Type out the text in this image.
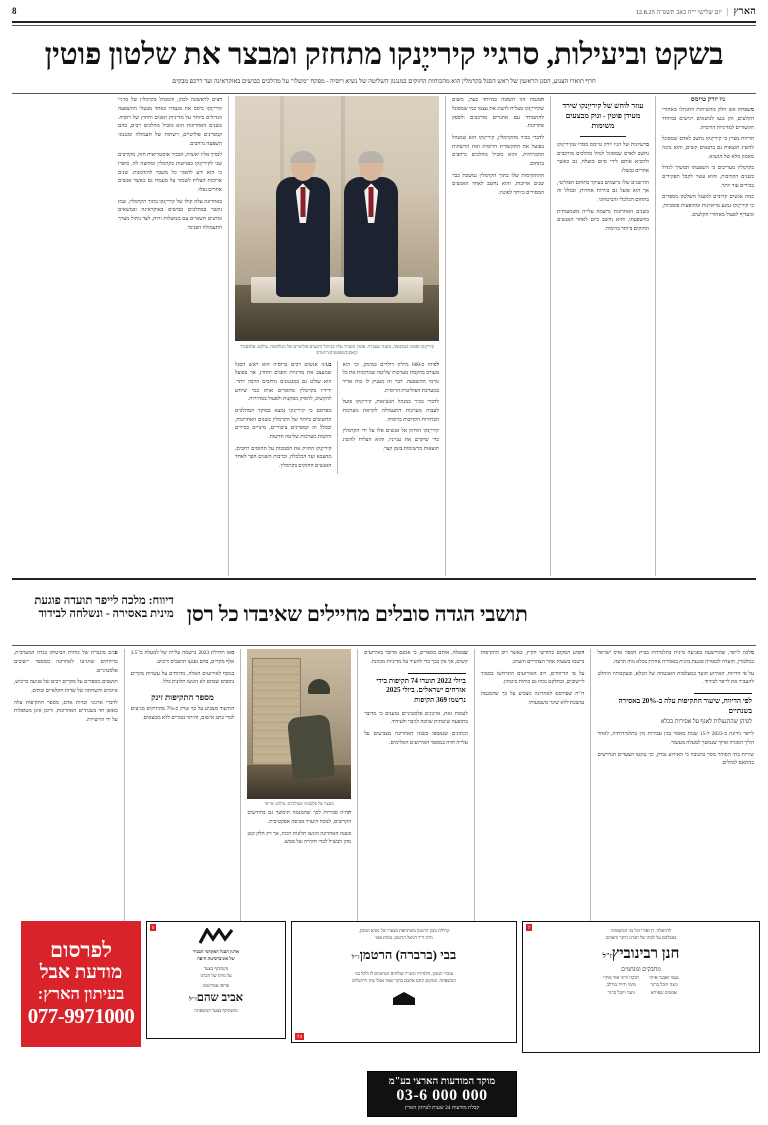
הארץ
|
יום שלישי י"ח באב תשפ"ה 12.8.25
8
בשקט וביעילות, סרגיי קירייֶנקו מתחזק ומבצר את שלטון פוטין
חרף תוארו הצנוע, הסגן הראשון של ראש הסגל בקרמלין הוא מהכוחות החזקים במנגנון השליטה של נשיא רוסיה - מפקח "משלו" על מהלכים כבושים באוקראינה ועד דרכפ מבקים
ניו יורק טיימס

משפחת אש חלק מהשיחות התנהלו מאחורי הקלעים, והן נגעו לנושאים רגישים במיוחד הקשורים למדיניות הרוסית.

הדיווח מציין כי קירייֶנקו נחשב לאדם שמסוגל להשיג תוצאות גם בתנאים קשים, והוא נהנה מאמון מלא של הנשיא.

בקרמלין מעריכים כי השפעתו תמשיך לגדול בשנים הקרובות, והוא עשוי לקבל תפקידים בכירים עוד יותר.

כמה אנשים קרובים למעגל השלטון מספרים כי קירייֶנקו נמנע מראיונות ומהופעות פומביות, ומעדיף לפעול מאחורי הקלעים.

עוזר לוחש של קירייֶנקו שירד מעידן פוטין - ונוק מבצעים משימות

ברשיונות של הניו יורק טיימס מסרו שקירייֶנקו נחשב לאדם שמסוגל לנהל מהלכים מורכבים ולהביא אותם לידי סיום מוצלח, גם כאשר אחרים נכשלו.

ההישגים שלו נרשמים בעיקר בתחום הפוליטי, אך הוא פועל גם בזירות אחרות, ובכלל זה בתחום הכלכלי והביטחוני.

בשנים האחרונות נרשמה עלייה משמעותית בהשפעתו, והוא נחשב כיום לאחד האנשים החזקים ביותר ברוסיה.

המגמה הזו חשובה במיוחד כעת, משום שקירייֶנקו מצליח להציג את עצמו כמי שמסוגל להתמודד עם אתגרים מורכבים ולספק פתרונות.

לדברי בכיר מהקרמלין, קירייֶנקו הוא שמנהל בפועל את התקשורת הרוסית ואת הרשתות החברתיות, והוא מוביל מהלכים נרחבים בתחום.

ההתקדמות שלו בתוך הקרמלין נמשכת כבר שנים ארוכות, והוא נחשב לאחד האנשים המסורים ביותר לפוטין.

קירייֶנקו ופוטין בנסקוצה, בשנה שעברה. פוטין הסמיך עליו בניהול היבטים פוליטיים של המלחמה. צילום: אלכסנדר קזאקוב/ספוטניק/רויטרס

לפיהו כ-600 מיליון דולרים במימון, וכי הוא מעורב בהקמת מערכות שליטה שמרכזות את כל גורמי ההשפעה. דבר זה מעניק לו כוח אדיר במערכת הפוליטית הרוסית.

לדברי בכיר במנהל הנשיאות, קירייֶנקו פועל לעבות מערכות התעמולה לקראת מערכות הבחירות הקרובות ברוסיה.

קירייֶנקו הוחזק אל אנשים אלו על ידי הקרמלין כדי שיקדם את ענייניו, והוא הצליח להשיג תוצאות מרשימות בזמן קצר.

בעיני אנשים רבים ברוסיה הוא ראש הסגל שמעצב את מדיניות הפנים והחוץ, אך בפועל הוא שולט גם במנגנונים נרחבים הרבה יותר. ידידיו בקרמלין מתארים אותו כמי שיודע להקשיב, להסיק מסקנות ולפעול במהירות.

מפרסם כי קירייֶנקו נמצא במוקד המהלכים החשובים ביותר של הקרמלין בשנים האחרונות, ובכלל זה קמפיינים ציבוריים, מינויים בכירים והקמת מערכות שליטה חדשות.

קירייֶנקו החזיק את הסמכות על תחומים רחבים, מהצבא ועד הכלכלה, וברבות השנים הפך לאחד האנשים החזקים בקרמלין.

רצים לראשונה לכהן, והמנהל בקרמלין של סרגיי קירייֶנקו ביסס את מעמדו כאחד מבעלי ההשפעה הגדולים ביותר על מדיניות הפנים והחוץ של רוסיה. בשנים האחרונות הוא מוביל מהלכים רבים, בהם קמפיינים פוליטיים, רשתות של תעמולה ומנגנוני השפעה נרחבים.

לנסיך אליו יאשית, הבכיר אוסטריאית חזה, מקורבים שני לקירייֶנקו בפגישות בקרמלין ומחוצה לה, סיפרו כי הוא ידע להפוך כל משבר להזדמנות. שנים ארוכות הצליח לשמור על מעמדו גם כאשר אנשים אחרים נפלו.

באחרונה עלה קולו של קירייֶנקו בתוך הקרמלין. שמו נקשר במהלכים כבושים באוקראינה ובמשאים ומתנים חשאיים עם ממשלות זרות, לצד ניהול מערך התעמולה הפנימי.

תושבי הגדה סובלים מחיילים שאיבדו כל רסן
דיווח: מלכה לייפר תועדה פוגעת מינית באסירה - ונשלחה לבידוד

מלכה לייפר, שהורשעה בפגיעה מינית בתלמידות בבית הספר אדס ישראל במלבורן, תועדה לכאורה פוגעת מינית באסירה אחרת בכלא נווה תרצה.

על פי הדיווח, האירוע תועד במצלמות האבטחה של הכלא, ובעקבותיו הוחלט להעביר את לייפר לבידוד.

לפי הדיווח, שיעור התקיפות עלה ב-20% באסירה בשנתיים
לפיהן שהתנצלות לאגף על אסירות בכלא

לייפר נידונה ב-2023 ל-15 שנות מאסר בגין עבירות מין בתלמידותיה, לאחר הליך הסגרה ארוך שנמשך למעלה מעשור.

שירות בתי הסוהר מסר בתגובה כי האירוע נבדק, וכי ננקטו הצעדים הנדרשים בהתאם לנהלים.

הופיע המקום בחודשי הקיץ, כאשר רוב התקיפות נרשמו בשעות אחר הצהריים והערב.

על פי הדיווחים, רוב האירועים התרחשו בסמוך ליישובים, ובחלקם נכחו גם כוחות ביטחון.

דו"ח שפורסם לאחרונה מצביע על כך שהמגמה נמשכת ללא שינוי משמעותי.

שבאלה, אותם מספרים, כי אמנם מדובר באירועים קשים, אך אין בכך כדי להעיד על מדיניות מכוונת.

ביולי 2022 תועדו 74 תקיפות בידי אזרחים ישראלים. ביולי 2025
נרשמו 369 תקיפות

לעומת זאת, ארגונים פלסטיניים טוענים כי מדובר בתופעה שיטתית שזוכה לגיבוי ולעידוד.

הנתונים שנאספו בשנה האחרונה מצביעים על עלייה חדה במספר האירועים האלימים.

מעצר של פלסטיני בטולכרם. צילום: אי־פי

תהיה סבירות לכך שהמגמה תימשך גם בחודשים הקרובים, לנוכח היעדר אכיפה אפקטיבית.

בשנה האחרונה הוגשו תלונות רבות, אך רק חלק קטן מהן הבשיל לכדי חקירה של ממש.

מאז תחילת 2023 נרשמה עלייה של למעלה מ־3.5 אלף מקרים, בהם נפגעו תושבים ורכוש.

בנוסף לאירועים האלה, מדווחים על עשרות מקרים נוספים שבהם לא הוגשו תלונות כלל.

מספר התקיפות זינק

התיעוד מצביע על כך שרק כ-7% מהתיקים מגיעים לכדי כתב אישום, והיתר נסגרים ללא ממצאים.

פנים מוגברת של כוחות הביטחון בגדה המערבית, בדיווחים שהגיעו לאחרונה ממספר יישובים פלסטיניים.

תושבים מספרים על מקרים רבים של פגיעה ברכוש, איומים והשחתה של שדות חקלאיים ובתים.

לדברי ארגוני זכויות אדם, מספר התקיפות עלה באופן חד בשנתיים האחרונות, ורובן אינן מטופלות על ידי הרשויות.

7
לדניאלה, רן ואורי וכל בני המשפחה
באבלכם על לכתו של חברנו היקר והאהוב
חנן רבינוביץז"ל
מחבקים ומנחמים
נעמי ואבנר איתי
ניצה ויובל ברנר
אנשים שפירא
רבקה ורוני אור מתיי
מימי ודויד בורלב
ניצה ויובל ברנר
7.5
קהילת מכון הרטמן משתתפת בצערו של נשיא המכון,
הרב ד"ר דניאל הרטמן, במות אמו
בבי (ברברה) הרטמןז"ל
עובדי המכון, תלמידיו ובוגריו שולחים תנחומים לו ולכל בני
המשפחה. המקום ינחם אתכם בתוך שאר אבלי ציון וירושלים
מוקד המודעות הארצי בע"מ
03-6 000 000
קבלת מודעות 24 שעות לעיתון הארץ
5
ארגון הסגל האקדמי הבכיר
של אוניברסיטת חיפה
משתתף בצער
על מותו של חברנו
פרופ' אמריטוס
אביב שהםז"ל
ומשתתף בצער המשפחה
לפרסום
מודעת אבל
בעיתון הארץ:
077-9971000
